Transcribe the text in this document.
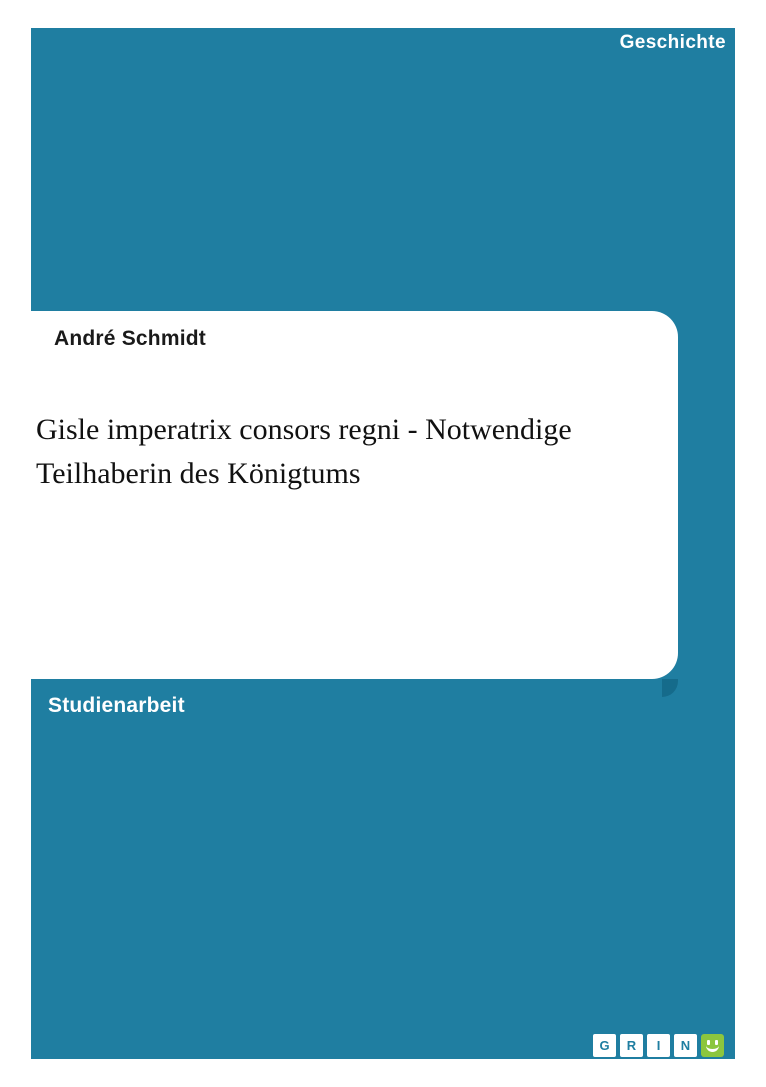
Geschichte
André Schmidt
Gisle imperatrix consors regni - Notwendige Teilhaberin des Königtums
Studienarbeit
G	R	I	N
